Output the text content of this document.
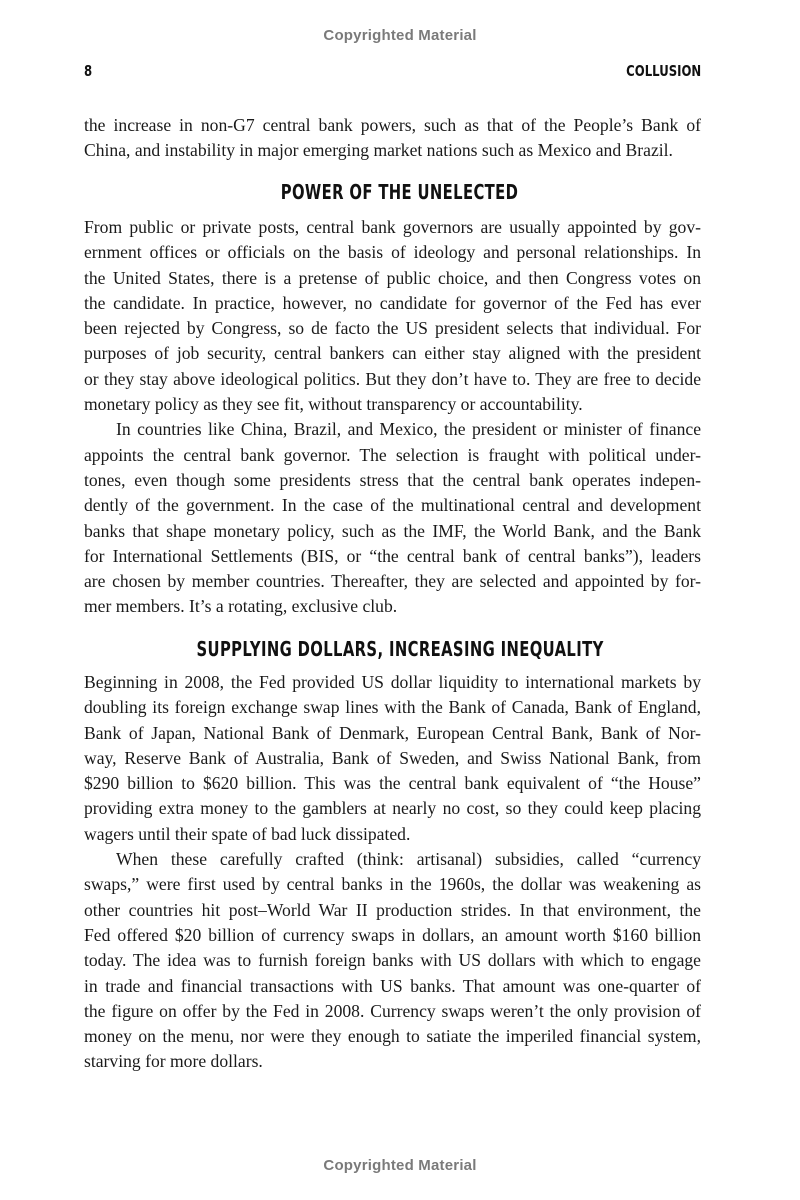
Copyrighted Material
8	COLLUSION
the increase in non-G7 central bank powers, such as that of the People’s Bank of
China, and instability in major emerging market nations such as Mexico and Brazil.
POWER OF THE UNELECTED
From public or private posts, central bank governors are usually appointed by gov-
ernment offices or officials on the basis of ideology and personal relationships. In
the United States, there is a pretense of public choice, and then Congress votes on
the candidate. In practice, however, no candidate for governor of the Fed has ever
been rejected by Congress, so de facto the US president selects that individual. For
purposes of job security, central bankers can either stay aligned with the president
or they stay above ideological politics. But they don’t have to. They are free to decide
monetary policy as they see fit, without transparency or accountability.
In countries like China, Brazil, and Mexico, the president or minister of finance
appoints the central bank governor. The selection is fraught with political under-
tones, even though some presidents stress that the central bank operates indepen-
dently of the government. In the case of the multinational central and development
banks that shape monetary policy, such as the IMF, the World Bank, and the Bank
for International Settlements (BIS, or “the central bank of central banks”), leaders
are chosen by member countries. Thereafter, they are selected and appointed by for-
mer members. It’s a rotating, exclusive club.
SUPPLYING DOLLARS, INCREASING INEQUALITY
Beginning in 2008, the Fed provided US dollar liquidity to international markets by
doubling its foreign exchange swap lines with the Bank of Canada, Bank of England,
Bank of Japan, National Bank of Denmark, European Central Bank, Bank of Nor-
way, Reserve Bank of Australia, Bank of Sweden, and Swiss National Bank, from
$290 billion to $620 billion. This was the central bank equivalent of “the House”
providing extra money to the gamblers at nearly no cost, so they could keep placing
wagers until their spate of bad luck dissipated.
When these carefully crafted (think: artisanal) subsidies, called “currency
swaps,” were first used by central banks in the 1960s, the dollar was weakening as
other countries hit post–World War II production strides. In that environment, the
Fed offered $20 billion of currency swaps in dollars, an amount worth $160 billion
today. The idea was to furnish foreign banks with US dollars with which to engage
in trade and financial transactions with US banks. That amount was one-quarter of
the figure on offer by the Fed in 2008. Currency swaps weren’t the only provision of
money on the menu, nor were they enough to satiate the imperiled financial system,
starving for more dollars.
Copyrighted Material
